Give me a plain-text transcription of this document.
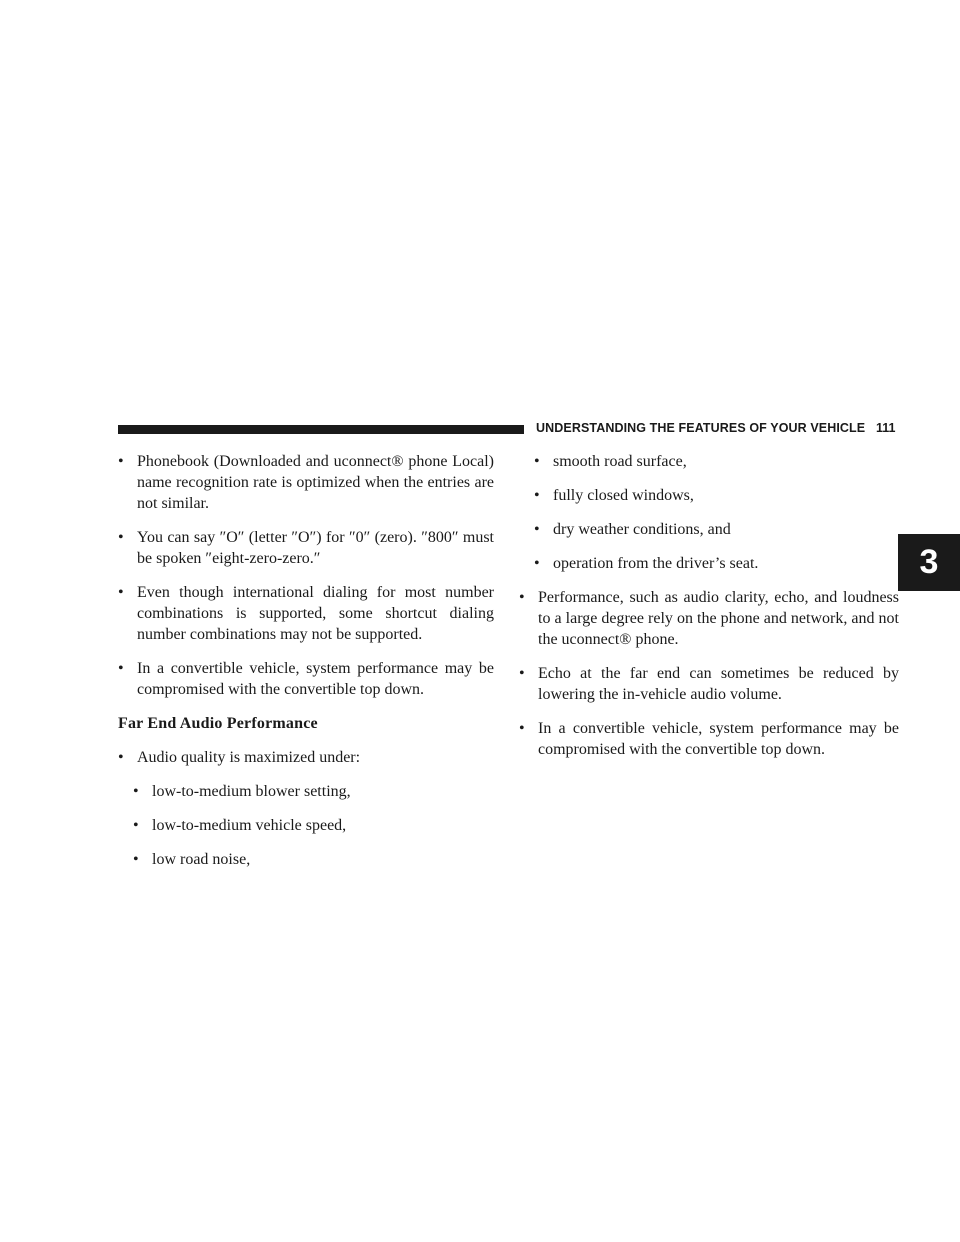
UNDERSTANDING THE FEATURES OF YOUR VEHICLE 111
3
• Phonebook (Downloaded and uconnect® phone Local) name recognition rate is optimized when the entries are not similar.
• You can say ″O″ (letter ″O″) for ″0″ (zero). ″800″ must be spoken ″eight-zero-zero.″
• Even though international dialing for most number combinations is supported, some shortcut dialing number combinations may not be supported.
• In a convertible vehicle, system performance may be compromised with the convertible top down.
Far End Audio Performance
• Audio quality is maximized under:
• low-to-medium blower setting,
• low-to-medium vehicle speed,
• low road noise,
• smooth road surface,
• fully closed windows,
• dry weather conditions, and
• operation from the driver’s seat.
• Performance, such as audio clarity, echo, and loudness to a large degree rely on the phone and network, and not the uconnect® phone.
• Echo at the far end can sometimes be reduced by lowering the in-vehicle audio volume.
• In a convertible vehicle, system performance may be compromised with the convertible top down.
